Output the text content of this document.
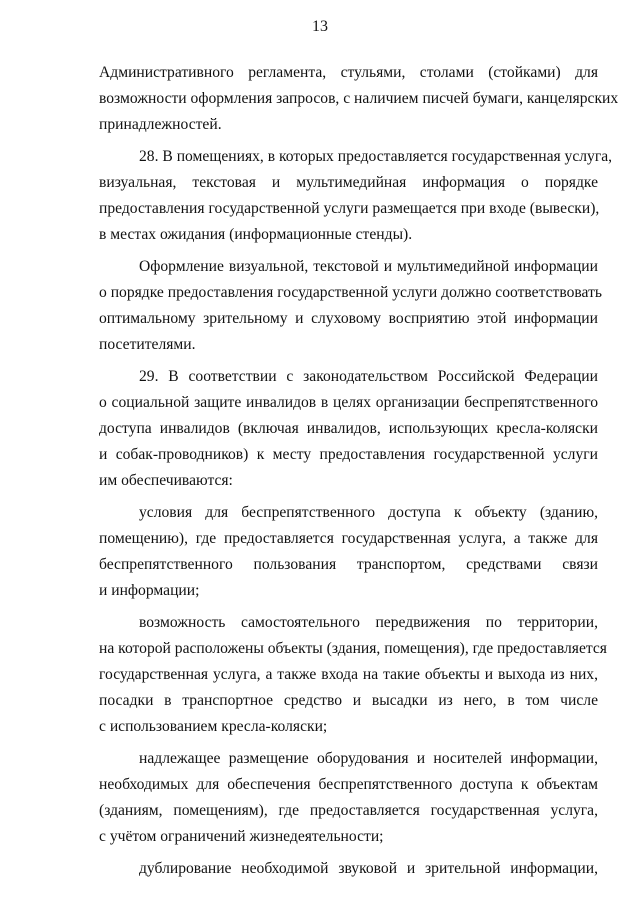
13
Административного регламента, стульями, столами (стойками) для
возможности оформления запросов, с наличием писчей бумаги, канцелярских
принадлежностей.
28. В помещениях, в которых предоставляется государственная услуга,
визуальная, текстовая и мультимедийная информация о порядке
предоставления государственной услуги размещается при входе (вывески),
в местах ожидания (информационные стенды).
Оформление визуальной, текстовой и мультимедийной информации
о порядке предоставления государственной услуги должно соответствовать
оптимальному зрительному и слуховому восприятию этой информации
посетителями.
29. В соответствии с законодательством Российской Федерации
о социальной защите инвалидов в целях организации беспрепятственного
доступа инвалидов (включая инвалидов, использующих кресла-коляски
и собак-проводников) к месту предоставления государственной услуги
им обеспечиваются:
условия для беспрепятственного доступа к объекту (зданию,
помещению), где предоставляется государственная услуга, а также для
беспрепятственного пользования транспортом, средствами связи
и информации;
возможность самостоятельного передвижения по территории,
на которой расположены объекты (здания, помещения), где предоставляется
государственная услуга, а также входа на такие объекты и выхода из них,
посадки в транспортное средство и высадки из него, в том числе
с использованием кресла-коляски;
надлежащее размещение оборудования и носителей информации,
необходимых для обеспечения беспрепятственного доступа к объектам
(зданиям, помещениям), где предоставляется государственная услуга,
с учётом ограничений жизнедеятельности;
дублирование необходимой звуковой и зрительной информации,
